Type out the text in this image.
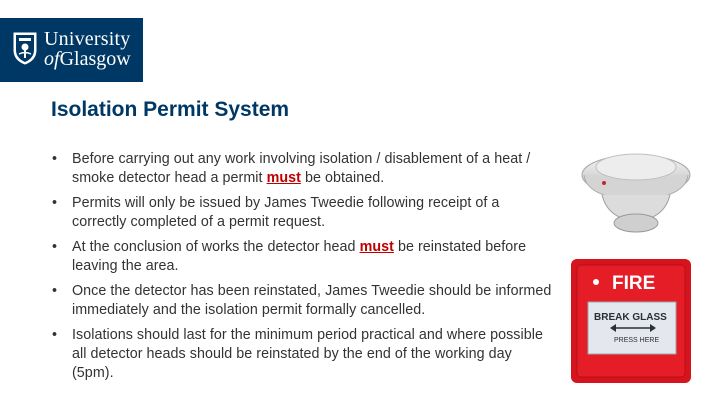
University
ofGlasgow
Isolation Permit System
• Before carrying out any work involving isolation / disablement of a heat / smoke detector head a permit must be obtained.
• Permits will only be issued by James Tweedie following receipt of a correctly completed of a permit request.
• At the conclusion of works the detector head must be reinstated before leaving the area.
• Once the detector has been reinstated, James Tweedie should be informed immediately and the isolation permit formally cancelled.
• Isolations should last for the minimum period practical and where possible all detector heads should be reinstated by the end of the working day (5pm).
FIRE
BREAK GLASS
PRESS HERE
